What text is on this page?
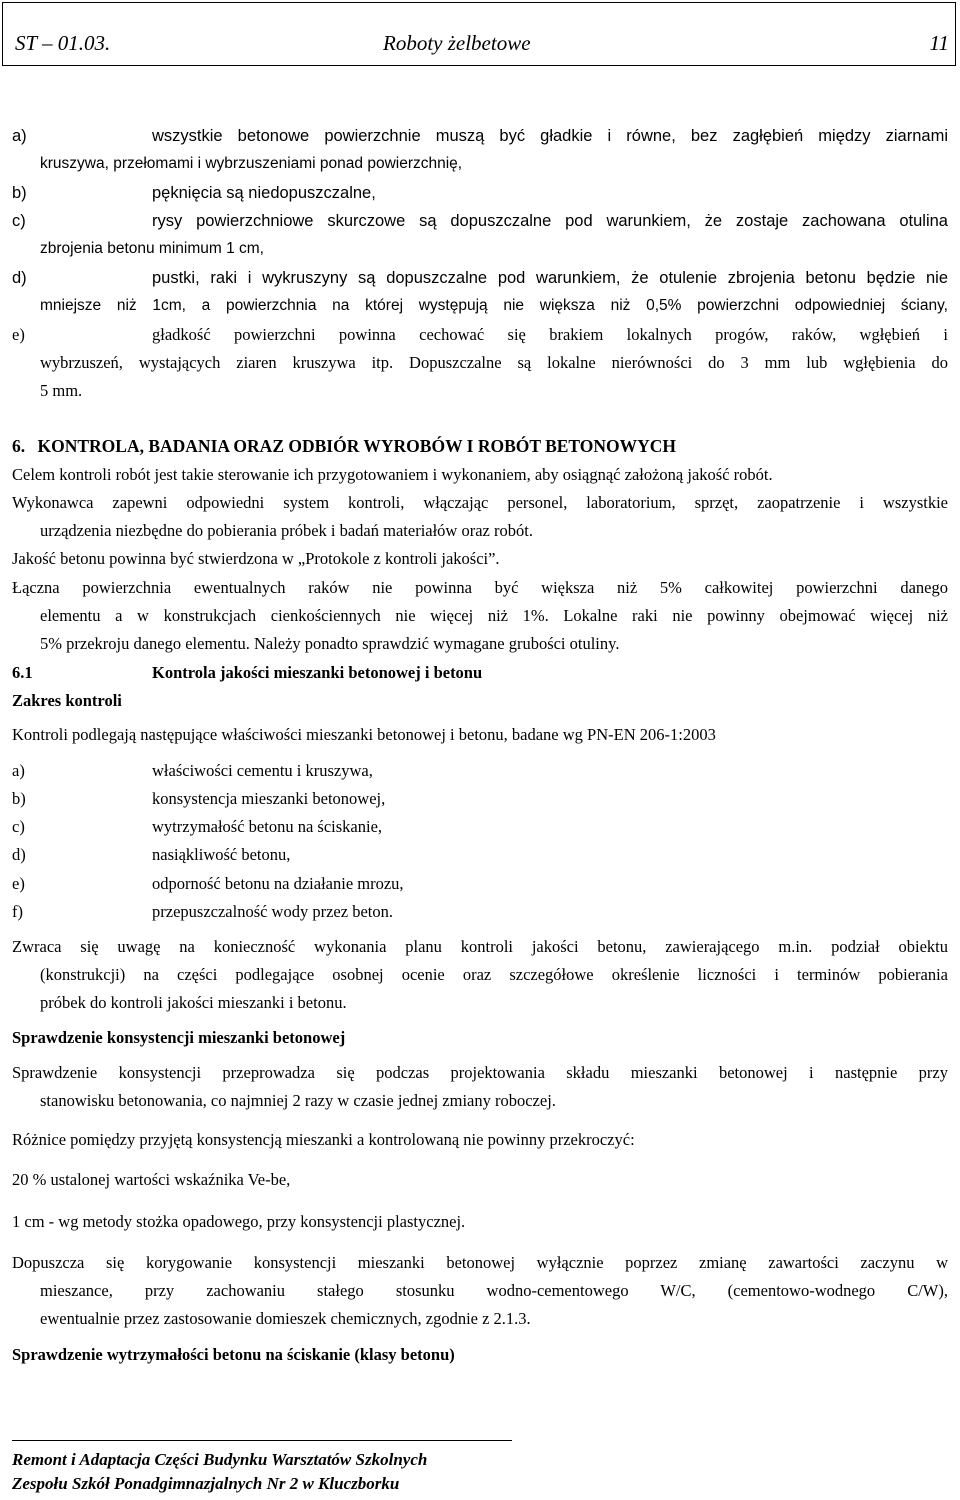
ST – 01.03.	Roboty żelbetowe	11
a)	wszystkie betonowe powierzchnie muszą być gładkie i równe, bez zagłębień między ziarnami
kruszywa, przełomami i wybrzuszeniami ponad powierzchnię,
b)	pęknięcia są niedopuszczalne,
c)	rysy powierzchniowe skurczowe są dopuszczalne pod warunkiem, że zostaje zachowana otulina
zbrojenia betonu minimum 1 cm,
d)	pustki, raki i wykruszyny są dopuszczalne pod warunkiem, że otulenie zbrojenia betonu będzie nie
mniejsze niż 1cm, a powierzchnia na której występują nie większa niż 0,5% powierzchni odpowiedniej ściany,
e)	gładkość powierzchni powinna cechować się brakiem lokalnych progów, raków, wgłębień i
wybrzuszeń, wystających ziaren kruszywa itp. Dopuszczalne są lokalne nierówności do 3 mm lub wgłębienia do
5 mm.
6. KONTROLA, BADANIA ORAZ ODBIÓR WYROBÓW I ROBÓT BETONOWYCH
Celem kontroli robót jest takie sterowanie ich przygotowaniem i wykonaniem, aby osiągnąć założoną jakość robót.
Wykonawca zapewni odpowiedni system kontroli, włączając personel, laboratorium, sprzęt, zaopatrzenie i wszystkie
urządzenia niezbędne do pobierania próbek i badań materiałów oraz robót.
Jakość betonu powinna być stwierdzona w „Protokole z kontroli jakości”.
Łączna powierzchnia ewentualnych raków nie powinna być większa niż 5% całkowitej powierzchni danego
elementu a w konstrukcjach cienkościennych nie więcej niż 1%. Lokalne raki nie powinny obejmować więcej niż
5% przekroju danego elementu. Należy ponadto sprawdzić wymagane grubości otuliny.
6.1	Kontrola jakości mieszanki betonowej i betonu
Zakres kontroli
Kontroli podlegają następujące właściwości mieszanki betonowej i betonu, badane wg PN-EN 206-1:2003
a)	właściwości cementu i kruszywa,
b)	konsystencja mieszanki betonowej,
c)	wytrzymałość betonu na ściskanie,
d)	nasiąkliwość betonu,
e)	odporność betonu na działanie mrozu,
f)	przepuszczalność wody przez beton.
Zwraca się uwagę na konieczność wykonania planu kontroli jakości betonu, zawierającego m.in. podział obiektu
(konstrukcji) na części podlegające osobnej ocenie oraz szczegółowe określenie liczności i terminów pobierania
próbek do kontroli jakości mieszanki i betonu.
Sprawdzenie konsystencji mieszanki betonowej
Sprawdzenie konsystencji przeprowadza się podczas projektowania składu mieszanki betonowej i następnie przy
stanowisku betonowania, co najmniej 2 razy w czasie jednej zmiany roboczej.
Różnice pomiędzy przyjętą konsystencją mieszanki a kontrolowaną nie powinny przekroczyć:
20 % ustalonej wartości wskaźnika Ve-be,
1 cm - wg metody stożka opadowego, przy konsystencji plastycznej.
Dopuszcza się korygowanie konsystencji mieszanki betonowej wyłącznie poprzez zmianę zawartości zaczynu w
mieszance, przy zachowaniu stałego stosunku wodno-cementowego W/C, (cementowo-wodnego C/W),
ewentualnie przez zastosowanie domieszek chemicznych, zgodnie z 2.1.3.
Sprawdzenie wytrzymałości betonu na ściskanie (klasy betonu)
Remont i Adaptacja Części Budynku Warsztatów Szkolnych
Zespołu Szkół Ponadgimnazjalnych Nr 2 w Kluczborku
